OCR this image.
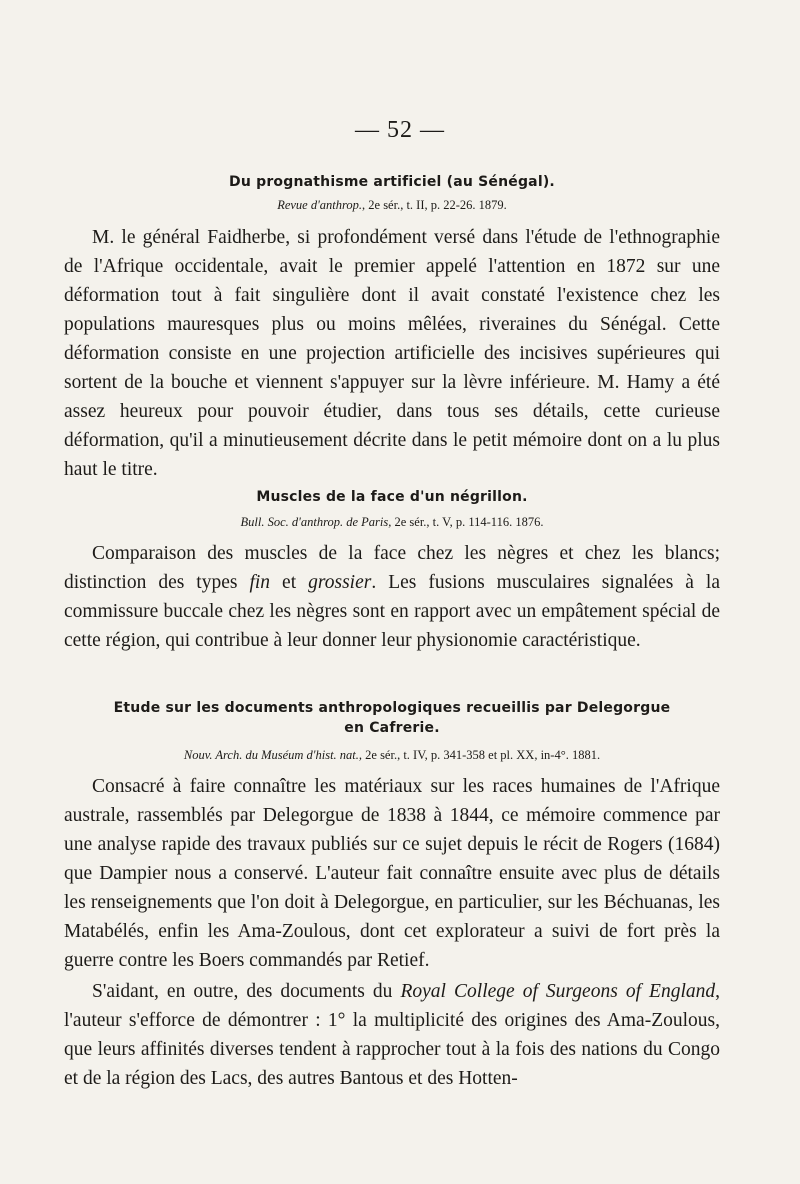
— 52 —
Du prognathisme artificiel (au Sénégal).
Revue d'anthrop., 2e sér., t. II, p. 22-26. 1879.

M. le général Faidherbe, si profondément versé dans l'étude de l'ethnographie de l'Afrique occidentale, avait le premier appelé l'attention en 1872 sur une déformation tout à fait singulière dont il avait constaté l'existence chez les populations mauresques plus ou moins mêlées, riveraines du Sénégal. Cette déformation consiste en une projection artificielle des incisives supérieures qui sortent de la bouche et viennent s'appuyer sur la lèvre inférieure. M. Hamy a été assez heureux pour pouvoir étudier, dans tous ses détails, cette curieuse déformation, qu'il a minutieusement décrite dans le petit mémoire dont on a lu plus haut le titre.

Muscles de la face d'un négrillon.
Bull. Soc. d'anthrop. de Paris, 2e sér., t. V, p. 114-116. 1876.

Comparaison des muscles de la face chez les nègres et chez les blancs; distinction des types fin et grossier. Les fusions musculaires signalées à la commissure buccale chez les nègres sont en rapport avec un empâtement spécial de cette région, qui contribue à leur donner leur physionomie caractéristique.

Etude sur les documents anthropologiques recueillis par Delegorgue en Cafrerie.
Nouv. Arch. du Muséum d'hist. nat., 2e sér., t. IV, p. 341-358 et pl. XX, in-4°. 1881.

Consacré à faire connaître les matériaux sur les races humaines de l'Afrique australe, rassemblés par Delegorgue de 1838 à 1844, ce mémoire commence par une analyse rapide des travaux publiés sur ce sujet depuis le récit de Rogers (1684) que Dampier nous a conservé. L'auteur fait connaître ensuite avec plus de détails les renseignements que l'on doit à Delegorgue, en particulier, sur les Béchuanas, les Matabélés, enfin les Ama-Zoulous, dont cet explorateur a suivi de fort près la guerre contre les Boers commandés par Retief.

S'aidant, en outre, des documents du Royal College of Surgeons of England, l'auteur s'efforce de démontrer : 1° la multiplicité des origines des Ama-Zoulous, que leurs affinités diverses tendent à rapprocher tout à la fois des nations du Congo et de la région des Lacs, des autres Bantous et des Hotten-
